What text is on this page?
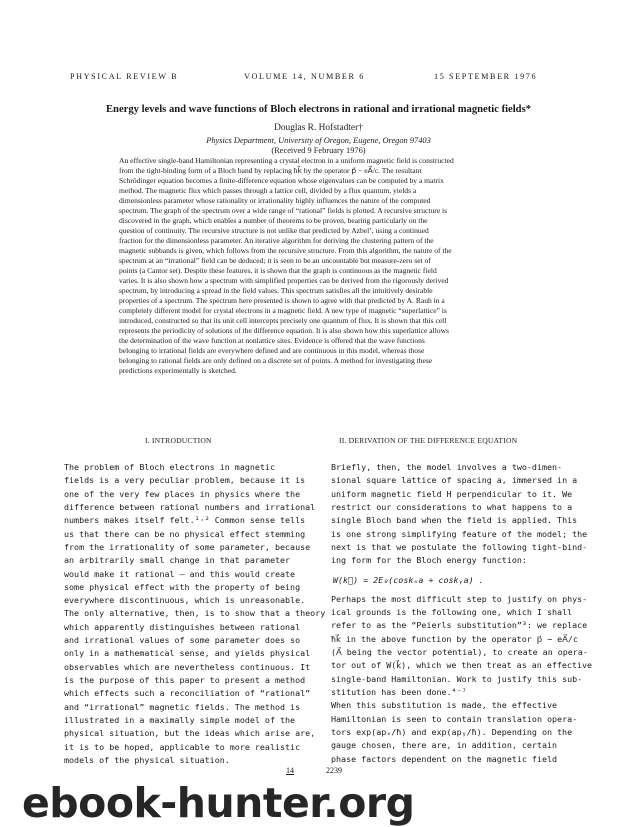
PHYSICAL REVIEW B	VOLUME 14, NUMBER 6	15 SEPTEMBER 1976
Energy levels and wave functions of Bloch electrons in rational and irrational magnetic fields*
Douglas R. Hofstadter†
Physics Department, University of Oregon, Eugene, Oregon 97403
(Received 9 February 1976)
An effective single-band Hamiltonian representing a crystal electron in a uniform magnetic field is constructed
from the tight-binding form of a Bloch band by replacing ħk⃗ by the operator p⃗ − eA⃗/c. The resultant
Schrödinger equation becomes a finite-difference equation whose eigenvalues can be computed by a matrix
method. The magnetic flux which passes through a lattice cell, divided by a flux quantum, yields a
dimensionless parameter whose rationality or irrationality highly influences the nature of the computed
spectrum. The graph of the spectrum over a wide range of “rational” fields is plotted. A recursive structure is
discovered in the graph, which enables a number of theorems to be proven, bearing particularly on the
question of continuity. The recursive structure is not unlike that predicted by Azbel’, using a continued
fraction for the dimensionless parameter. An iterative algorithm for deriving the clustering pattern of the
magnetic subbands is given, which follows from the recursive structure. From this algorithm, the nature of the
spectrum at an “irrational” field can be deduced; it is seen to be an uncountable but measure-zero set of
points (a Cantor set). Despite these features, it is shown that the graph is continuous as the magnetic field
varies. It is also shown how a spectrum with simplified properties can be derived from the rigorously derived
spectrum, by introducing a spread in the field values. This spectrum satisfies all the intuitively desirable
properties of a spectrum. The spectrum here presented is shown to agree with that predicted by A. Rauh in a
completely different model for crystal electrons in a magnetic field. A new type of magnetic “superlattice” is
introduced, constructed so that its unit cell intercepts precisely one quantum of flux. It is shown that this cell
represents the periodicity of solutions of the difference equation. It is also shown how this superlattice allows
the determination of the wave function at nonlattice sites. Evidence is offered that the wave functions
belonging to irrational fields are everywhere defined and are continuous in this model, whereas those
belonging to rational fields are only defined on a discrete set of points. A method for investigating these
predictions experimentally is sketched.
I. INTRODUCTION	II. DERIVATION OF THE DIFFERENCE EQUATION
The problem of Bloch electrons in magnetic
fields is a very peculiar problem, because it is
one of the very few places in physics where the
difference between rational numbers and irrational
numbers makes itself felt.¹˒² Common sense tells
us that there can be no physical effect stemming
from the irrationality of some parameter, because
an arbitrarily small change in that parameter
would make it rational — and this would create
some physical effect with the property of being
everywhere discontinuous, which is unreasonable.
The only alternative, then, is to show that a theory
which apparently distinguishes between rational
and irrational values of some parameter does so
only in a mathematical sense, and yields physical
observables which are nevertheless continuous. It
is the purpose of this paper to present a method
which effects such a reconciliation of “rational”
and “irrational” magnetic fields. The method is
illustrated in a maximally simple model of the
physical situation, but the ideas which arise are,
it is to be hoped, applicable to more realistic
models of the physical situation.
Briefly, then, the model involves a two-dimen-
sional square lattice of spacing a, immersed in a
uniform magnetic field H perpendicular to it. We
restrict our considerations to what happens to a
single Bloch band when the field is applied. This
is one strong simplifying feature of the model; the
next is that we postulate the following tight-bind-
ing form for the Bloch energy function:
W(k⃗) = 2E₀(coskₓa + coskᵧa) .
Perhaps the most difficult step to justify on phys-
ical grounds is the following one, which I shall
refer to as the “Peierls substitution”³: we replace
ħk⃗ in the above function by the operator p⃗ − eA⃗/c
(A⃗ being the vector potential), to create an opera-
tor out of W(k⃗), which we then treat as an effective
single-band Hamiltonian. Work to justify this sub-
stitution has been done.⁴⁻⁷
When this substitution is made, the effective
Hamiltonian is seen to contain translation opera-
tors exp(apₓ/ħ) and exp(apᵧ/ħ). Depending on the
gauge chosen, there are, in addition, certain
phase factors dependent on the magnetic field
14	2239
ebook-hunter.org
